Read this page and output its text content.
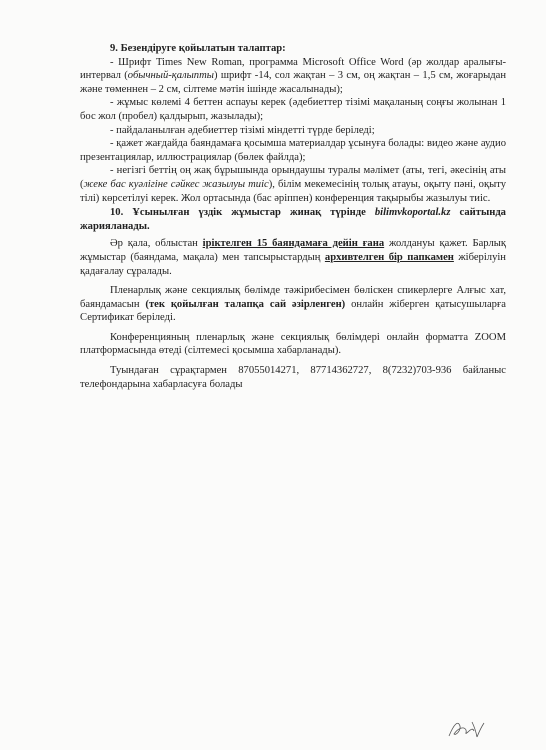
9. Безендіруге қойылатын талаптар:

- Шрифт Times New Roman, программа Microsoft Office Word (әр жолдар аралығы-интервал (обычный-қалыпты) шрифт -14, сол жақтан – 3 см, оң жақтан – 1,5 см, жоғарыдан және төменнен – 2 см, сілтеме мәтін ішінде жасалынады);

- жұмыс көлемі 4 беттен аспауы керек (әдебиеттер тізімі мақаланың соңғы жолынан 1 бос жол (пробел) қалдырып, жазылады);

- пайдаланылған әдебиеттер тізімі міндетті түрде беріледі;

- қажет жағдайда баяндамаға қосымша материалдар ұсынуға болады: видео және аудио презентациялар, иллюстрациялар (бөлек файлда);

- негізгі беттің оң жақ бұрышында орындаушы туралы мәлімет (аты, тегі, әкесінің аты (жеке бас куәлігіне сәйкес жазылуы тиіс), білім мекемесінің толық атауы, оқыту пәні, оқыту тілі) көрсетілуі керек. Жол ортасында (бас әріппен) конференция тақырыбы жазылуы тиіс.

10. Ұсынылған үздік жұмыстар жинақ түрінде bilimvkoportal.kz сайтында жарияланады.

Әр қала, облыстан іріктелген 15 баяндамаға дейін ғана жолдануы қажет. Барлық жұмыстар (баяндама, мақала) мен тапсырыстардың архивтелген бір папкамен жіберілуін қадағалау сұралады.

Пленарлық және секциялық бөлімде тәжірибесімен бөліскен спикерлерге Алғыс хат, баяндамасын (тек қойылған талапқа сай әзірленген) онлайн жіберген қатысушыларға Сертификат беріледі.

Конференцияның пленарлық және секциялық бөлімдері онлайн форматта ZOOM платформасында өтеді (сілтемесі қосымша хабарланады).

Туындаған сұрақтармен 87055014271, 87714362727, 8(7232)703-936 байланыс телефондарына хабарласуға болады
